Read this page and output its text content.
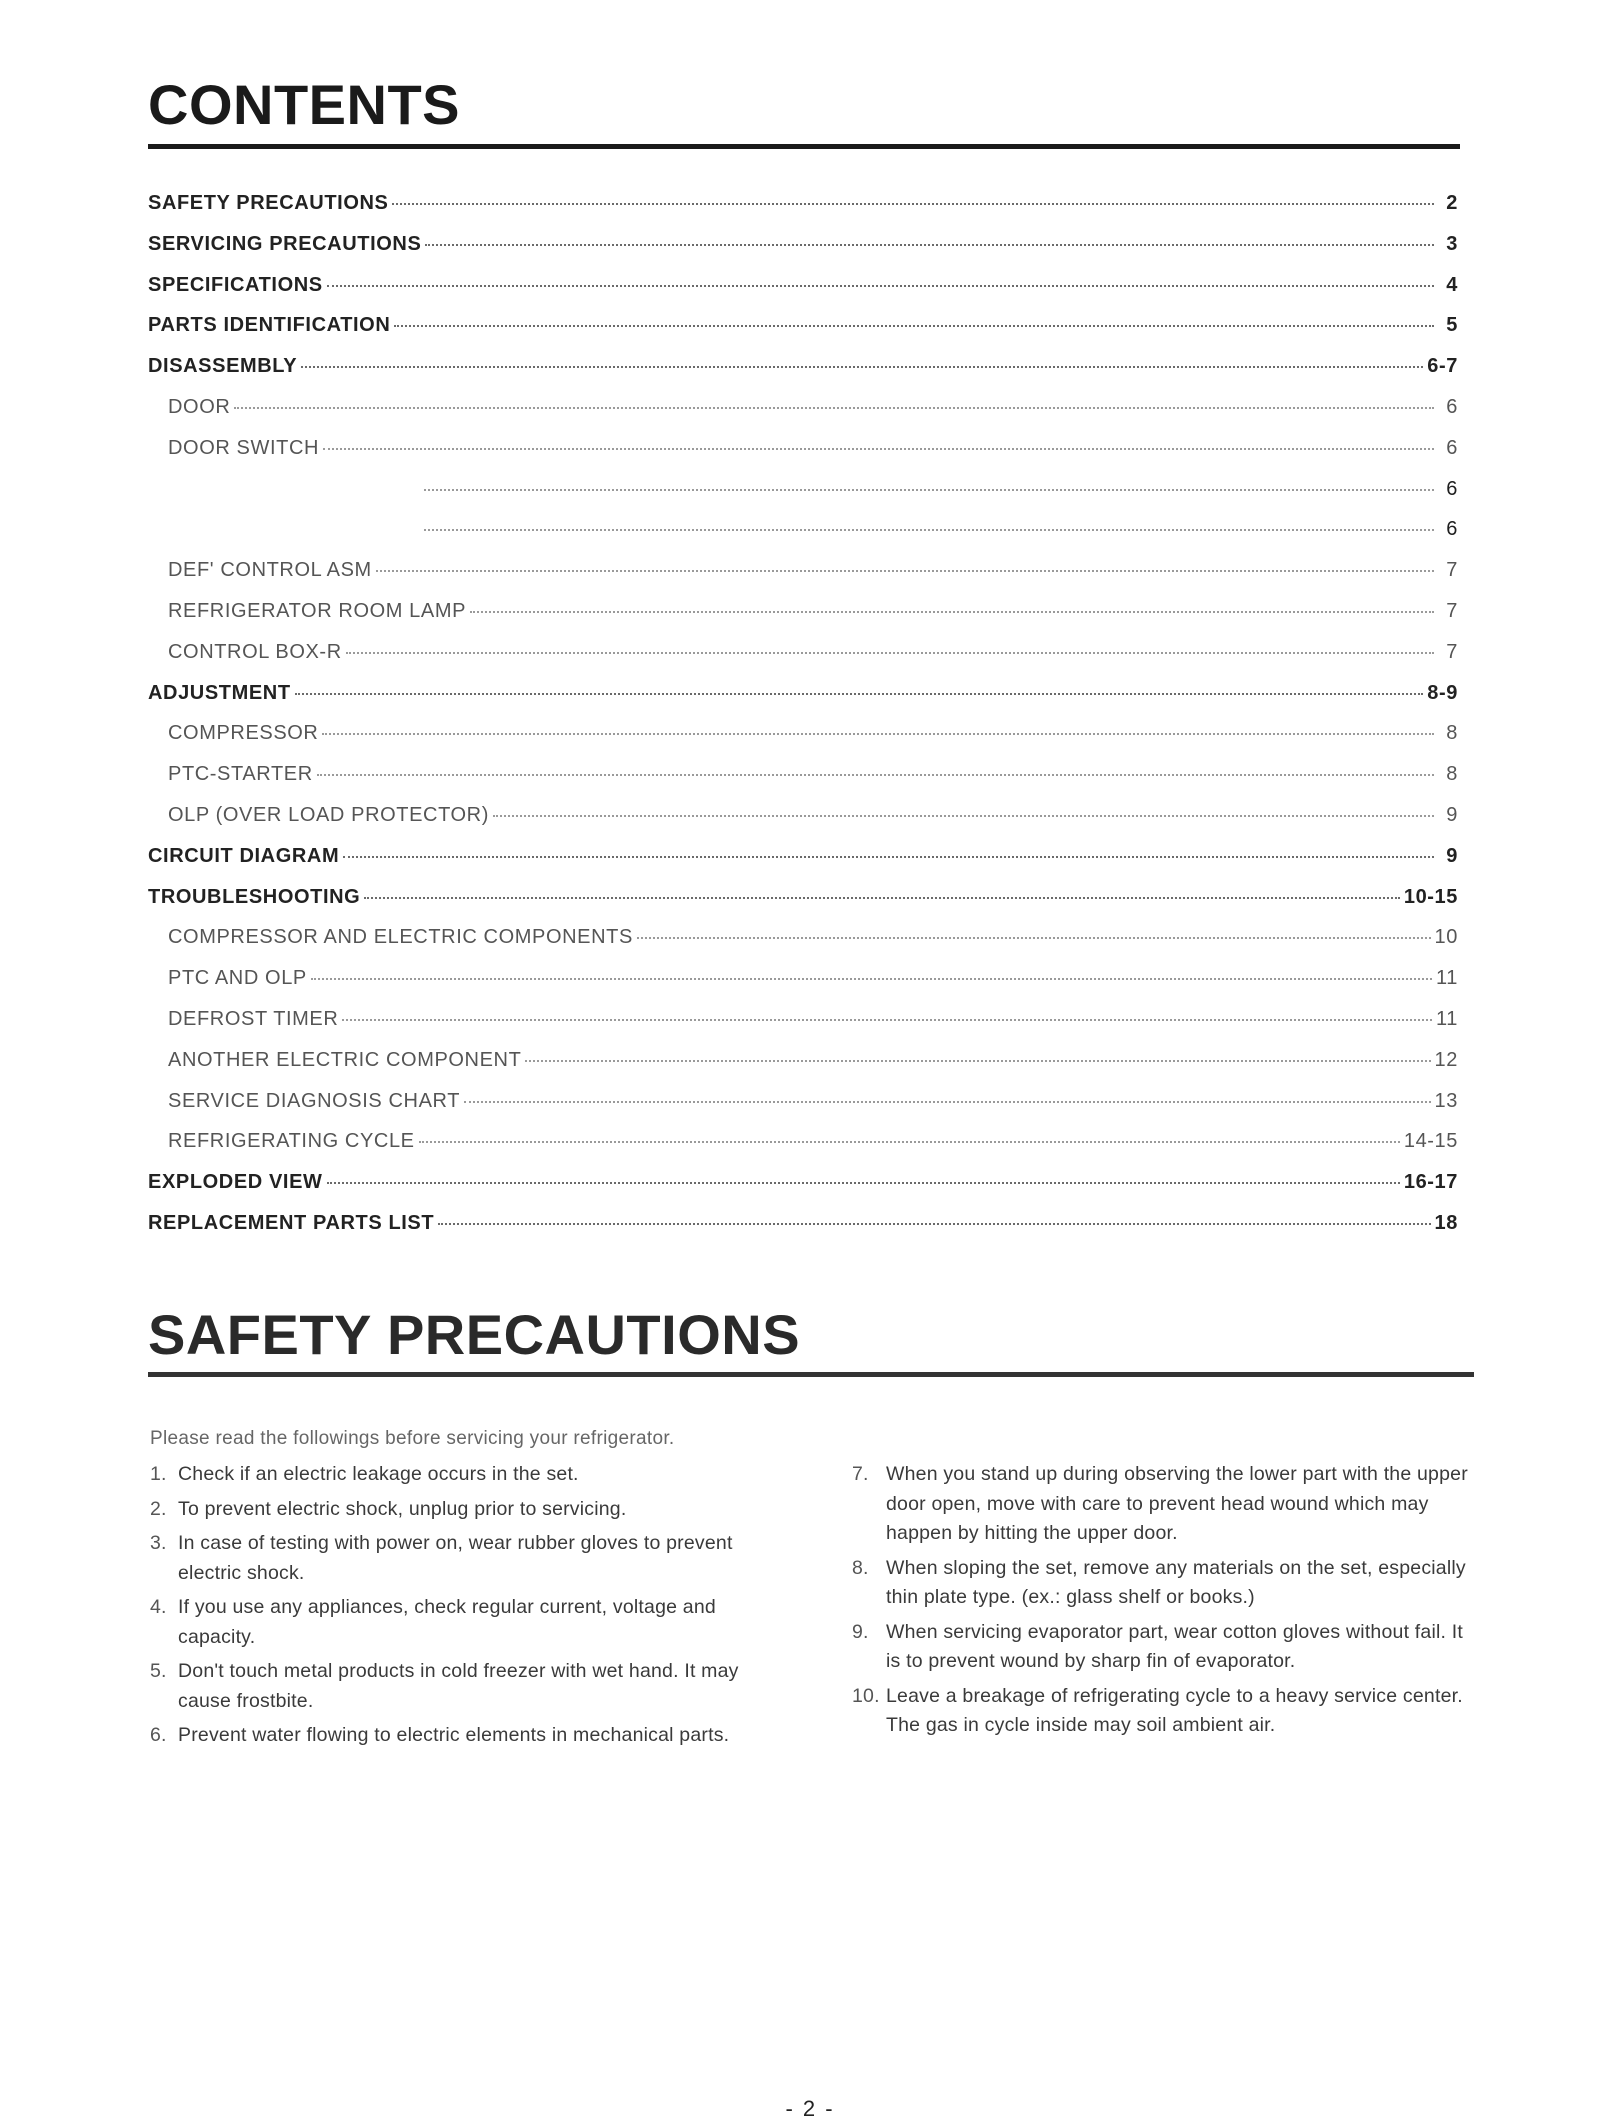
CONTENTS
SAFETY PRECAUTIONS	2
SERVICING PRECAUTIONS	3
SPECIFICATIONS	4
PARTS IDENTIFICATION	5
DISASSEMBLY	6-7
DOOR	6
DOOR SWITCH	6
6
6
DEF' CONTROL ASM	7
REFRIGERATOR ROOM LAMP	7
CONTROL BOX-R	7
ADJUSTMENT	8-9
COMPRESSOR	8
PTC-STARTER	8
OLP (OVER LOAD PROTECTOR)	9
CIRCUIT DIAGRAM	9
TROUBLESHOOTING	10-15
COMPRESSOR AND ELECTRIC COMPONENTS	10
PTC AND OLP	11
DEFROST TIMER	11
ANOTHER ELECTRIC COMPONENT	12
SERVICE DIAGNOSIS CHART	13
REFRIGERATING CYCLE	14-15
EXPLODED VIEW	16-17
REPLACEMENT PARTS LIST	18
SAFETY PRECAUTIONS
Please read the followings before servicing your refrigerator.
1. Check if an electric leakage occurs in the set.
2. To prevent electric shock, unplug prior to servicing.
3. In case of testing with power on, wear rubber gloves to prevent electric shock.
4. If you use any appliances, check regular current, voltage and capacity.
5. Don't touch metal products in cold freezer with wet hand. It may cause frostbite.
6. Prevent water flowing to electric elements in mechanical parts.
7. When you stand up during observing the lower part with the upper door open, move with care to prevent head wound which may happen by hitting the upper door.
8. When sloping the set, remove any materials on the set, especially thin plate type. (ex.: glass shelf or books.)
9. When servicing evaporator part, wear cotton gloves without fail. It is to prevent wound by sharp fin of evaporator.
10. Leave a breakage of refrigerating cycle to a heavy service center. The gas in cycle inside may soil ambient air.
- 2 -
